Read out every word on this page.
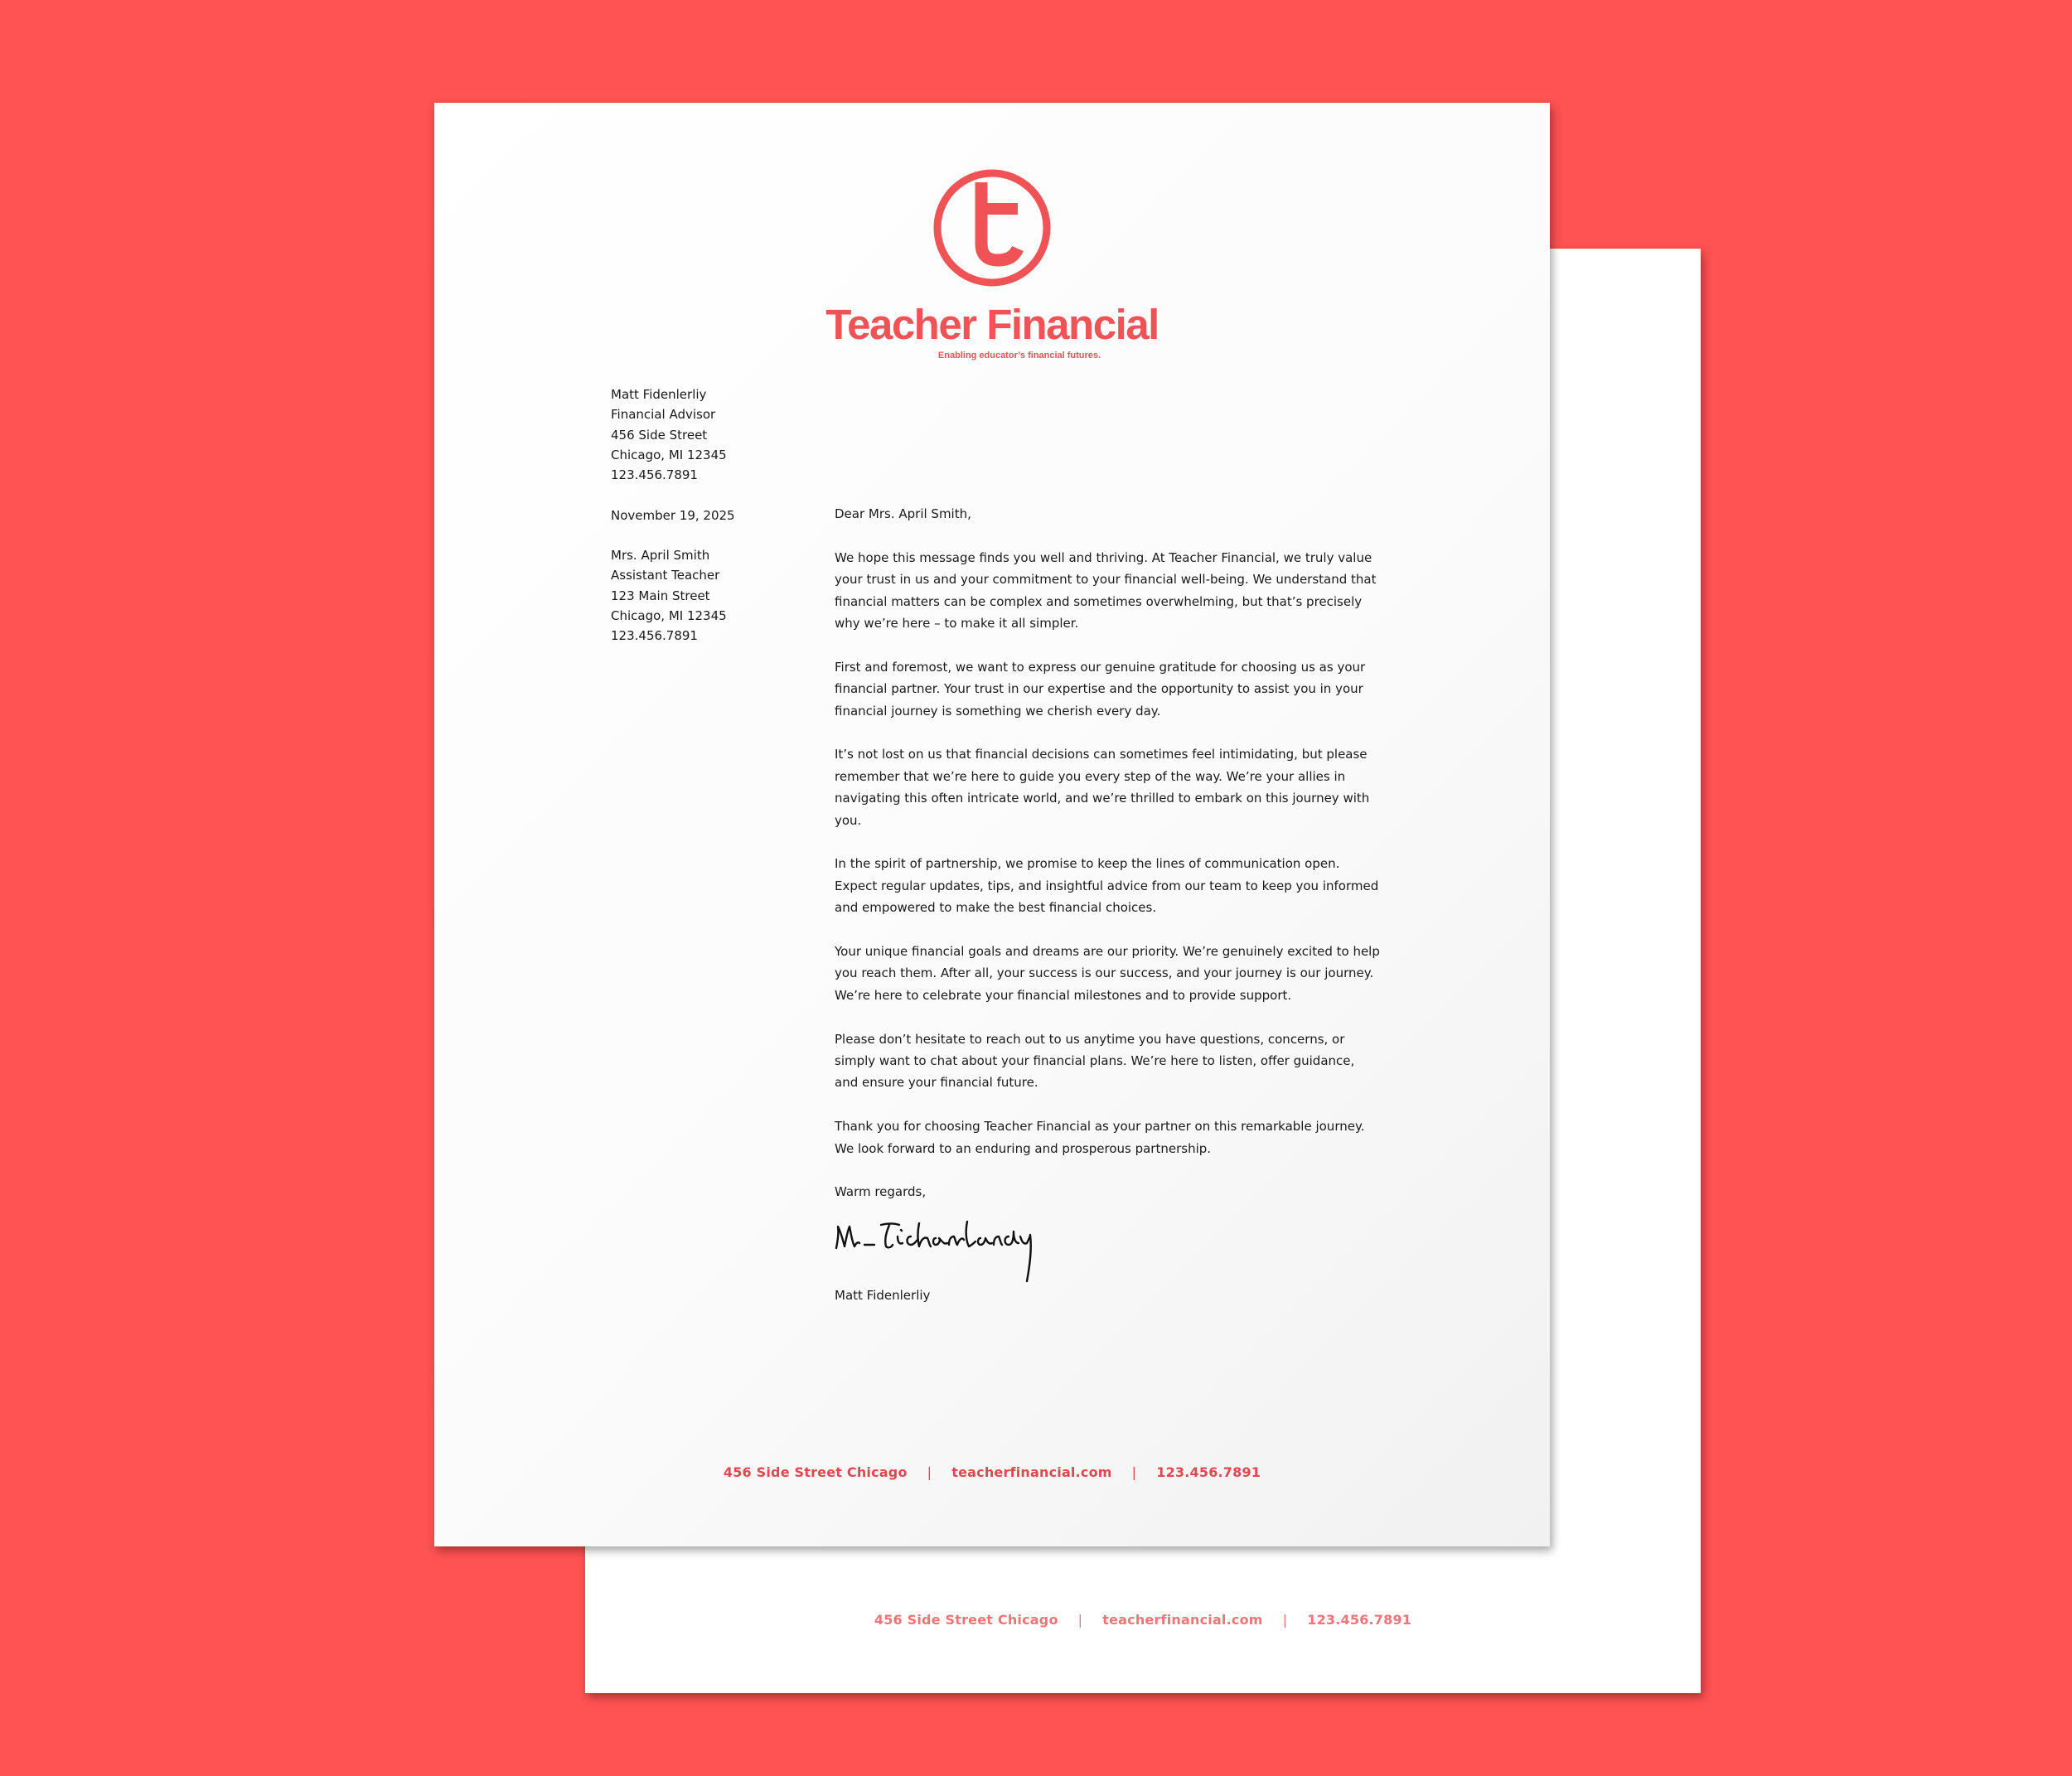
456 Side Street Chicago | teacherfinancial.com | 123.456.7891
Teacher Financial
Enabling educator’s financial futures.
Matt Fidenlerliy
Financial Advisor
456 Side Street
Chicago, MI 12345
123.456.7891
November 19, 2025
Mrs. April Smith
Assistant Teacher
123 Main Street
Chicago, MI 12345
123.456.7891

Dear Mrs. April Smith,

We hope this message finds you well and thriving. At Teacher Financial, we truly value your trust in us and your commitment to your financial well-being. We understand that financial matters can be complex and sometimes overwhelming, but that’s precisely why we’re here – to make it all simpler.

First and foremost, we want to express our genuine gratitude for choosing us as your financial partner. Your trust in our expertise and the opportunity to assist you in your financial journey is something we cherish every day.

It’s not lost on us that financial decisions can sometimes feel intimidating, but please remember that we’re here to guide you every step of the way. We’re your allies in navigating this often intricate world, and we’re thrilled to embark on this journey with you.

In the spirit of partnership, we promise to keep the lines of communication open. Expect regular updates, tips, and insightful advice from our team to keep you informed and empowered to make the best financial choices.

Your unique financial goals and dreams are our priority. We’re genuinely excited to help you reach them. After all, your success is our success, and your journey is our journey. We’re here to celebrate your financial milestones and to provide support.

Please don’t hesitate to reach out to us anytime you have questions, concerns, or simply want to chat about your financial plans. We’re here to listen, offer guidance, and ensure your financial future.

Thank you for choosing Teacher Financial as your partner on this remarkable journey. We look forward to an enduring and prosperous partnership.

Warm regards,

Matt Fidenlerliy

456 Side Street Chicago | teacherfinancial.com | 123.456.7891
